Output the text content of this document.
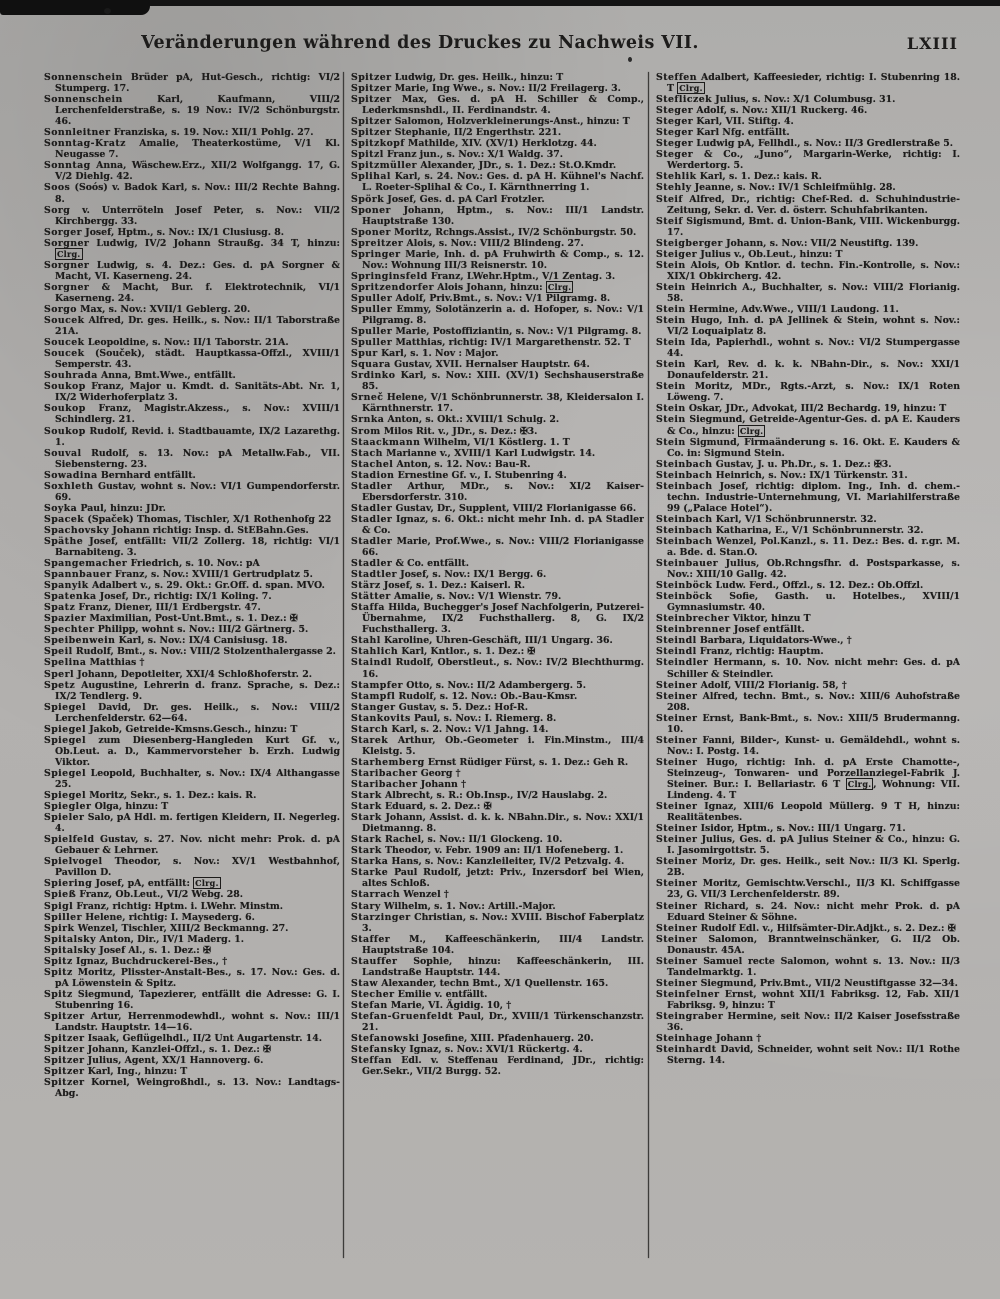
Veränderungen während des Druckes zu Nachweis VII.	LXIII
Sonnenschein Brüder pA, Hut-Gesch., richtig: VI/2 Stumperg. 17.
Sonnenschein Karl, Kaufmann, VIII/2 Lerchenfelderstraße, s. 19 Nov.: IV/2 Schönburgstr. 46.
Sonnleitner Franziska, s. 19. Nov.: XII/1 Pohlg. 27.
Sonntag-Kratz Amalie, Theaterkostüme, V/1 Kl. Neugasse 7.
Sonntag Anna, Wäschew.Erz., XII/2 Wolfgangg. 17, G. V/2 Diehlg. 42.
Soos (Soós) v. Badok Karl, s. Nov.: III/2 Rechte Bahng. 8.
Sorg v. Unterröteln Josef Peter, s. Nov.: VII/2 Kirchbergg. 33.
Sorger Josef, Hptm., s. Nov.: IX/1 Clusiusg. 8.
Sorgner Ludwig, IV/2 Johann Straußg. 34 T, hinzu: Clrg.
Sorgner Ludwig, s. 4. Dez.: Ges. d. pA Sorgner & Macht, VI. Kaserneng. 24.
Sorgner & Macht, Bur. f. Elektrotechnik, VI/1 Kaserneng. 24.
Sorgo Max, s. Nov.: XVII/1 Geblerg. 20.
Soucek Alfred, Dr. ges. Heilk., s. Nov.: II/1 Taborstraße 21A.
Soucek Leopoldine, s. Nov.: II/1 Taborstr. 21A.
Soucek (Souček), städt. Hauptkassa-Offzl., XVIII/1 Semperstr. 43.
Souhrada Anna, Bmt.Wwe., entfällt.
Soukop Franz, Major u. Kmdt. d. Sanitäts-Abt. Nr. 1, IX/2 Widerhoferplatz 3.
Soukop Franz, Magistr.Akzess., s. Nov.: XVIII/1 Schindlerg. 21.
Soukop Rudolf, Revid. i. Stadtbauamte, IX/2 Lazarethg. 1.
Souval Rudolf, s. 13. Nov.: pA Metallw.Fab., VII. Siebensterng. 23.
Sowadina Bernhard entfällt.
Soxhleth Gustav, wohnt s. Nov.: VI/1 Gumpendorferstr. 69.
Soyka Paul, hinzu: JDr.
Spacek (Spaček) Thomas, Tischler, X/1 Rothenhofg 22
Spachovsky Johann richtig: Insp. d. StEBahn.Ges.
Späthe Josef, entfällt: VII/2 Zollerg. 18, richtig: VI/1 Barnabiteng. 3.
Spangemacher Friedrich, s. 10. Nov.: pA
Spannbauer Franz, s. Nov.: XVIII/1 Gertrudplatz 5.
Spanyik Adalbert v., s. 29. Okt.: Gr.Off. d. span. MVO.
Spatenka Josef, Dr., richtig: IX/1 Koling. 7.
Spatz Franz, Diener, III/1 Erdbergstr. 47.
Spazier Maximilian, Post-Unt.Bmt., s. 1. Dez.: ✠
Spechter Philipp, wohnt s. Nov.: III/2 Gärtnerg. 5.
Speibenwein Karl, s. Nov.: IX/4 Canisiusg. 18.
Speil Rudolf, Bmt., s. Nov.: VIII/2 Stolzenthalergasse 2.
Spelina Matthias †
Sperl Johann, Depotleiter, XXI/4 Schloßhoferstr. 2.
Spetz Augustine, Lehrerin d. franz. Sprache, s. Dez.: IX/2 Tendlerg. 9.
Spiegel David, Dr. ges. Heilk., s. Nov.: VIII/2 Lerchenfelderstr. 62—64.
Spiegel Jakob, Getreide-Kmsns.Gesch., hinzu: T
Spiegel zum Diesenberg-Hangleden Kurt Gf. v., Ob.Leut. a. D., Kammervorsteher b. Erzh. Ludwig Viktor.
Spiegel Leopold, Buchhalter, s. Nov.: IX/4 Althangasse 25.
Spiegel Moritz, Sekr., s. 1. Dez.: kais. R.
Spiegler Olga, hinzu: T
Spieler Salo, pA Hdl. m. fertigen Kleidern, II. Negerleg. 4.
Spielfeld Gustav, s. 27. Nov. nicht mehr: Prok. d. pA Gebauer & Lehrner.
Spielvogel Theodor, s. Nov.: XV/1 Westbahnhof, Pavillon D.
Spiering Josef, pA, entfällt: Clrg.
Spieß Franz, Ob.Leut., VI/2 Webg. 28.
Spigl Franz, richtig: Hptm. i. LWehr. Minstm.
Spiller Helene, richtig: I. Maysederg. 6.
Spirk Wenzel, Tischler, XIII/2 Beckmanng. 27.
Spitalsky Anton, Dir., IV/1 Maderg. 1.
Spitalsky Josef Al., s. 1. Dez.: ✠
Spitz Ignaz, Buchdruckerei-Bes., †
Spitz Moritz, Plisster-Anstalt-Bes., s. 17. Nov.: Ges. d. pA Löwenstein & Spitz.
Spitz Siegmund, Tapezierer, entfällt die Adresse: G. I. Stubenring 16.
Spitzer Artur, Herrenmodewhdl., wohnt s. Nov.: III/1 Landstr. Hauptstr. 14—16.
Spitzer Isaak, Geflügelhdl., II/2 Unt Augartenstr. 14.
Spitzer Johann, Kanzlei-Offzl., s. 1. Dez.: ✠
Spitzer Julius, Agent, XX/1 Hannoverg. 6.
Spitzer Karl, Ing., hinzu: T
Spitzer Kornel, Weingroßhdl., s. 13. Nov.: Landtags-Abg.
Spitzer Ludwig, Dr. ges. Heilk., hinzu: T
Spitzer Marie, Ing Wwe., s. Nov.: II/2 Freilagerg. 3.
Spitzer Max, Ges. d. pA H. Schiller & Comp., Lederkmsnshdl., II. Ferdinandstr. 4.
Spitzer Salomon, Holzverkleinerungs-Anst., hinzu: T
Spitzer Stephanie, II/2 Engerthstr. 221.
Spitzkopf Mathilde, XIV. (XV/1) Herklotzg. 44.
Spitzl Franz jun., s. Nov.: X/1 Waldg. 37.
Spitzmüller Alexander, JDr., s. 1. Dez.: St.O.Kmdr.
Splihal Karl, s. 24. Nov.: Ges. d. pA H. Kühnel's Nachf. L. Roeter-Splihal & Co., I. Kärnthnerring 1.
Spörk Josef, Ges. d. pA Carl Frotzler.
Sponer Johann, Hptm., s. Nov.: III/1 Landstr. Hauptstraße 130.
Sponer Moritz, Rchngs.Assist., IV/2 Schönburgstr. 50.
Spreitzer Alois, s. Nov.: VIII/2 Blindeng. 27.
Springer Marie, Inh. d. pA Fruhwirth & Comp., s. 12. Nov.: Wohnung III/3 Reisnerstr. 10.
Springinsfeld Franz, LWehr.Hptm., V/1 Zentag. 3.
Spritzendorfer Alois Johann, hinzu: Clrg.
Spuller Adolf, Priv.Bmt., s. Nov.: V/1 Pilgramg. 8.
Spuller Emmy, Solotänzerin a. d. Hofoper, s. Nov.: V/1 Pilgramg. 8.
Spuller Marie, Postoffiziantin, s. Nov.: V/1 Pilgramg. 8.
Spuller Matthias, richtig: IV/1 Margarethenstr. 52. T
Spur Karl, s. 1. Nov : Major.
Squara Gustav, XVII. Hernalser Hauptstr. 64.
Srdinko Karl, s. Nov.: XIII. (XV/1) Sechshauserstraße 85.
Srneč Helene, V/1 Schönbrunnerstr. 38, Kleidersalon I. Kärnthnerstr. 17.
Srnka Anton, s. Okt.: XVIII/1 Schulg. 2.
Srom Milos Rit. v., JDr., s. Dez.: ✠3.
Staackmann Wilhelm, VI/1 Köstlerg. 1. T
Stach Marianne v., XVIII/1 Karl Ludwigstr. 14.
Stachel Anton, s. 12. Nov.: Bau-R.
Stadion Ernestine Gf. v., I. Stubenring 4.
Stadler Arthur, MDr., s. Nov.: XI/2 Kaiser-Ebersdorferstr. 310.
Stadler Gustav, Dr., Supplent, VIII/2 Florianigasse 66.
Stadler Ignaz, s. 6. Okt.: nicht mehr Inh. d. pA Stadler & Co.
Stadler Marie, Prof.Wwe., s. Nov.: VIII/2 Florianigasse 66.
Stadler & Co. entfällt.
Stadtler Josef, s. Nov.: IX/1 Bergg. 6.
Stärz Josef, s. 1. Dez.: Kaiserl. R.
Stätter Amalie, s. Nov.: V/1 Wienstr. 79.
Staffa Hilda, Buchegger's Josef Nachfolgerin, Putzerei-Übernahme, IX/2 Fuchsthallerg. 8, G. IX/2 Fuchsthallerg. 3.
Stahl Karoline, Uhren-Geschäft, III/1 Ungarg. 36.
Stahlich Karl, Kntlor., s. 1. Dez.: ✠
Staindl Rudolf, Oberstleut., s. Nov.: IV/2 Blechthurmg. 16.
Stampfer Otto, s. Nov.: II/2 Adambergerg. 5.
Stampfl Rudolf, s. 12. Nov.: Ob.-Bau-Kmsr.
Stanger Gustav, s. 5. Dez.: Hof-R.
Stankovits Paul, s. Nov.: I. Riemerg. 8.
Starch Karl, s. 2. Nov.: V/1 Jahng. 14.
Starek Arthur, Ob.-Geometer i. Fin.Minstm., III/4 Kleistg. 5.
Starhemberg Ernst Rüdiger Fürst, s. 1. Dez.: Geh R.
Staribacher Georg †
Staribacher Johann †
Stark Albrecht, s. R.: Ob.Insp., IV/2 Hauslabg. 2.
Stark Eduard, s. 2. Dez.: ✠
Stark Johann, Assist. d. k. k. NBahn.Dir., s. Nov.: XXI/1 Dietmanng. 8.
Stark Rachel, s. Nov.: II/1 Glockeng. 10.
Stark Theodor, v. Febr. 1909 an: II/1 Hofeneberg. 1.
Starka Hans, s. Nov.: Kanzleileiter, IV/2 Petzvalg. 4.
Starke Paul Rudolf, jetzt: Priv., Inzersdorf bei Wien, altes Schloß.
Starrach Wenzel †
Stary Wilhelm, s. 1. Nov.: Artill.-Major.
Starzinger Christian, s. Nov.: XVIII. Bischof Faberplatz 3.
Staffer M., Kaffeeschänkerin, III/4 Landstr. Hauptstraße 104.
Stauffer Sophie, hinzu: Kaffeeschänkerin, III. Landstraße Hauptstr. 144.
Staw Alexander, techn Bmt., X/1 Quellenstr. 165.
Stecher Emilie v. entfällt.
Stefan Marie, VI. Ägidig. 10, †
Stefan-Gruenfeldt Paul, Dr., XVIII/1 Türkenschanzstr. 21.
Stefanowski Josefine, XIII. Pfadenhauerg. 20.
Stefansky Ignaz, s. Nov.: XVI/1 Rückertg. 4.
Steffan Edl. v. Steffenau Ferdinand, JDr., richtig: Ger.Sekr., VII/2 Burgg. 52.
Steffen Adalbert, Kaffeesieder, richtig: I. Stubenring 18. T Clrg.
Stefliczek Julius, s. Nov.: X/1 Columbusg. 31.
Steger Adolf, s. Nov.: XII/1 Ruckerg. 46.
Steger Karl, VII. Stiftg. 4.
Steger Karl Nfg. entfällt.
Steger Ludwig pA, Fellhdl., s. Nov.: II/3 Gredlerstraße 5.
Steger & Co., „Juno“, Margarin-Werke, richtig: I. Werdertorg. 5.
Stehlik Karl, s. 1. Dez.: kais. R.
Stehly Jeanne, s. Nov.: IV/1 Schleifmühlg. 28.
Steif Alfred, Dr., richtig: Chef-Red. d. Schuhindustrie-Zeitung, Sekr. d. Ver. d. österr. Schuhfabrikanten.
Steif Sigismund, Bmt. d. Union-Bank, VIII. Wickenburgg. 17.
Steigberger Johann, s. Nov.: VII/2 Neustiftg. 139.
Steiger Julius v., Ob.Leut., hinzu: T
Stein Alois, Ob Kntlor. d. techn. Fin.-Kontrolle, s. Nov.: XIX/1 Obkircherg. 42.
Stein Heinrich A., Buchhalter, s. Nov.: VIII/2 Florianig. 58.
Stein Hermine, Adv.Wwe., VIII/1 Laudong. 11.
Stein Hugo, Inh. d. pA Jellinek & Stein, wohnt s. Nov.: VI/2 Loquaiplatz 8.
Stein Ida, Papierhdl., wohnt s. Nov.: VI/2 Stumpergasse 44.
Stein Karl, Rev. d. k. k. NBahn-Dir., s. Nov.: XXI/1 Donaufelderstr. 21.
Stein Moritz, MDr., Rgts.-Arzt, s. Nov.: IX/1 Roten Löweng. 7.
Stein Oskar, JDr., Advokat, III/2 Bechardg. 19, hinzu: T
Stein Siegmund, Getreide-Agentur-Ges. d. pA E. Kauders & Co., hinzu: Clrg.
Stein Sigmund, Firmaänderung s. 16. Okt. E. Kauders & Co. in: Sigmund Stein.
Steinbach Gustav, J. u. Ph.Dr., s. 1. Dez.: ✠3.
Steinbach Heinrich, s. Nov.: IX/1 Türkenstr. 31.
Steinbach Josef, richtig: diplom. Ing., Inh. d. chem.-techn. Industrie-Unternehmung, VI. Mariahilferstraße 99 („Palace Hotel“).
Steinbach Karl, V/1 Schönbrunnerstr. 32.
Steinbach Katharina, E., V/1 Schönbrunnerstr. 32.
Steinbach Wenzel, Pol.Kanzl., s. 11. Dez.: Bes. d. r.gr. M. a. Bde. d. Stan.O.
Steinbauer Julius, Ob.Rchngsfhr. d. Postsparkasse, s. Nov.: XIII/10 Gallg. 42.
Steinböck Ludw. Ferd., Offzl., s. 12. Dez.: Ob.Offzl.
Steinböck Sofie, Gasth. u. Hotelbes., XVIII/1 Gymnasiumstr. 40.
Steinbrecher Viktor, hinzu T
Steinbrenner Josef entfällt.
Steindl Barbara, Liquidators-Wwe., †
Steindl Franz, richtig: Hauptm.
Steindler Hermann, s. 10. Nov. nicht mehr: Ges. d. pA Schiller & Steindler.
Steiner Adolf, VIII/2 Florianig. 58, †
Steiner Alfred, techn. Bmt., s. Nov.: XIII/6 Auhofstraße 208.
Steiner Ernst, Bank-Bmt., s. Nov.: XIII/5 Brudermanng. 10.
Steiner Fanni, Bilder-, Kunst- u. Gemäldehdl., wohnt s. Nov.: I. Postg. 14.
Steiner Hugo, richtig: Inh. d. pA Erste Chamotte-, Steinzeug-, Tonwaren- und Porzellanziegel-Fabrik J. Steiner. Bur.: I. Bellariastr. 6 T Clrg. , Wohnung: VII. Lindeng. 4. T
Steiner Ignaz, XIII/6 Leopold Müllerg. 9 T H, hinzu: Realitätenbes.
Steiner Isidor, Hptm., s. Nov.: III/1 Ungarg. 71.
Steiner Julius, Ges. d. pA Julius Steiner & Co., hinzu: G. I. Jasomirgottstr. 5.
Steiner Moriz, Dr. ges. Heilk., seit Nov.: II/3 Kl. Sperlg. 2B.
Steiner Moritz, Gemischtw.Verschl., II/3 Kl. Schiffgasse 23, G. VII/3 Lerchenfelderstr. 89.
Steiner Richard, s. 24. Nov.: nicht mehr Prok. d. pA Eduard Steiner & Söhne.
Steiner Rudolf Edl. v., Hilfsämter-Dir.Adjkt., s. 2. Dez.: ✠
Steiner Salomon, Branntweinschänker, G. II/2 Ob. Donaustr. 45A.
Steiner Samuel recte Salomon, wohnt s. 13. Nov.: II/3 Tandelmarktg. 1.
Steiner Siegmund, Priv.Bmt., VII/2 Neustiftgasse 32—34.
Steinfelner Ernst, wohnt XII/1 Fabriksg. 12, Fab. XII/1 Fabriksg. 9, hinzu: T
Steingraber Hermine, seit Nov.: II/2 Kaiser Josefsstraße 36.
Steinhage Johann †
Steinhardt David, Schneider, wohnt seit Nov.: II/1 Rothe Sterng. 14.
